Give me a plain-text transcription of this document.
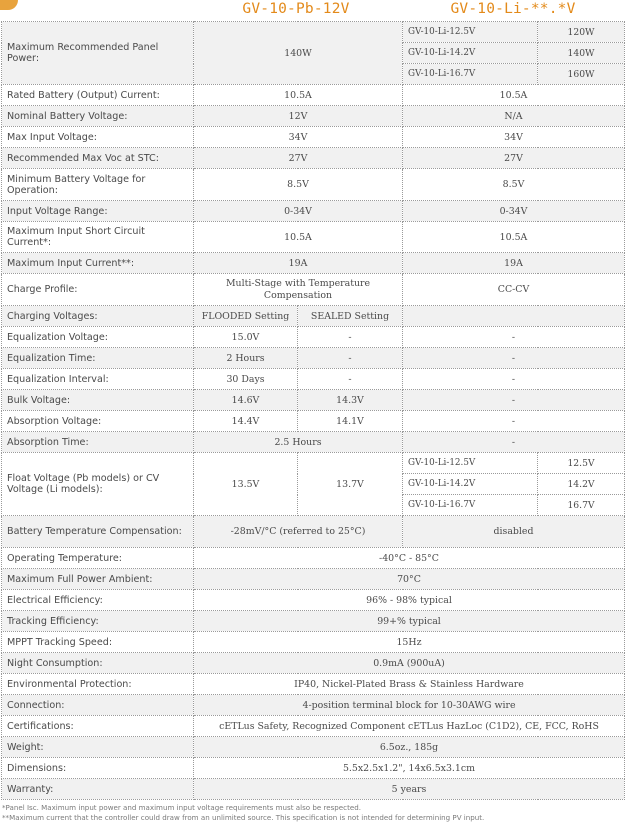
GV-10-Pb-12V	GV-10-Li-**.*V
Maximum Recommended Panel Power:	140W		GV-10-Li-12.5V	120W
			GV-10-Li-14.2V	140W
			GV-10-Li-16.7V	160W
Rated Battery (Output) Current:	10.5A		10.5A	
Nominal Battery Voltage:	12V		N/A	
Max Input Voltage:	34V		34V	
Recommended Max Voc at STC:	27V		27V	
Minimum Battery Voltage for Operation:	8.5V		8.5V	
Input Voltage Range:	0-34V		0-34V	
Maximum Input Short Circuit Current*:	10.5A		10.5A	
Maximum Input Current**:	19A		19A	
Charge Profile:	Multi-Stage with Temperature Compensation		CC-CV	
Charging Voltages:	FLOODED Setting	SEALED Setting		
Equalization Voltage:	15.0V	-	-	
Equalization Time:	2 Hours	-	-	
Equalization Interval:	30 Days	-	-	
Bulk Voltage:	14.6V	14.3V	-	
Absorption Voltage:	14.4V	14.1V	-	
Absorption Time:	2.5 Hours		-	
Float Voltage (Pb models) or CV Voltage (Li models):	13.5V	13.7V	GV-10-Li-12.5V	12.5V
			GV-10-Li-14.2V	14.2V
			GV-10-Li-16.7V	16.7V
Battery Temperature Compensation:	-28mV/°C (referred to 25°C)		disabled	
Operating Temperature:	-40°C - 85°C			
Maximum Full Power Ambient:	70°C			
Electrical Efficiency:	96% - 98% typical			
Tracking Efficiency:	99+% typical			
MPPT Tracking Speed:	15Hz			
Night Consumption:	0.9mA (900uA)			
Environmental Protection:	IP40, Nickel-Plated Brass & Stainless Hardware			
Connection:	4-position terminal block for 10-30AWG wire			
Certifications:	cETLus Safety, Recognized Component cETLus HazLoc (C1D2), CE, FCC, RoHS			
Weight:	6.5oz., 185g			
Dimensions:	5.5x2.5x1.2", 14x6.5x3.1cm			
Warranty:	5 years			
*Panel Isc. Maximum input power and maximum input voltage requirements must also be respected.
**Maximum current that the controller could draw from an unlimited source. This specification is not intended for determining PV input.
